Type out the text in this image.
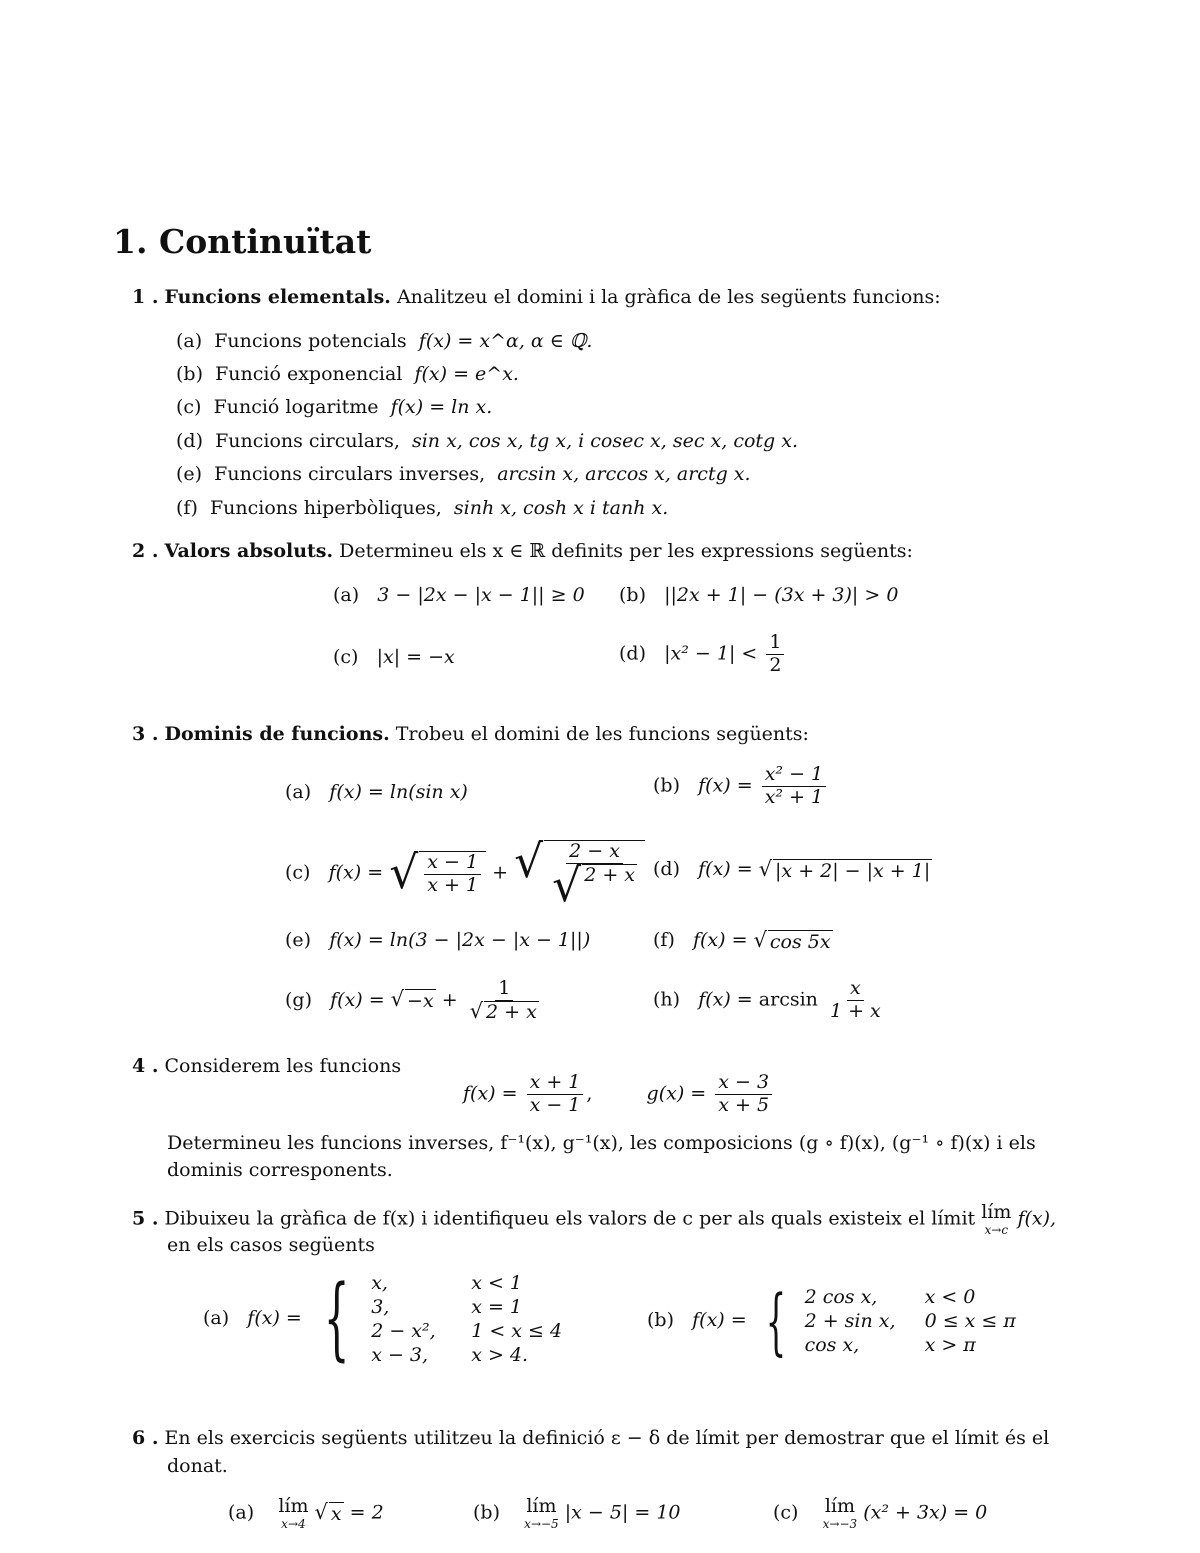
1. Continuïtat
1 . Funcions elementals. Analitzeu el domini i la gràfica de les següents funcions:
(a) Funcions potencials f(x) = x^α, α ∈ ℚ.
(b) Funció exponencial f(x) = e^x.
(c) Funció logaritme f(x) = ln x.
(d) Funcions circulars, sin x, cos x, tg x, i cosec x, sec x, cotg x.
(e) Funcions circulars inverses, arcsin x, arccos x, arctg x.
(f) Funcions hiperbòliques, sinh x, cosh x i tanh x.
2 . Valors absoluts. Determineu els x ∈ ℝ definits per les expressions següents:
(a) 3 − |2x − |x − 1|| ≥ 0 (b) ||2x + 1| − (3x + 3)| > 0
(c) |x| = −x	(d) $|x^2 - 1| < \frac{1}{2}$
3 . Dominis de funcions. Trobeu el domini de les funcions següents:
(a) f(x) = ln(sin x)	(b) $f(x) = \frac{\text{x² − 1}}{\text{x² + 1}}$
(c) f(x) = √ $\frac{x - 1}{x + 1}$ + √ $\frac{2 - x}{√ 2 + x} (d) f(x)$ = √ |x + 2| − |x + 1|
(e) f(x) = ln(3 − |2x − |x − 1||)	(f) f(x) = √ cos 5x
(g) f(x) = √ $-x + \frac{1}{√ 2 + x}$	(h) $f(x) = \arcsin \frac{x}{1 + x}$
4 . Considerem les funcions
$f(x) = \frac{x + 1}{x - 1}$ ,	$g(x) = \frac{x - 3}{x + 5}$
Determineu les funcions inverses, f⁻¹(x), g⁻¹(x), les composicions (g ∘ f)(x), (g⁻¹ ∘ f)(x) i els
dominis corresponents.
5 . Dibuixeu la gràfica de f(x) i identifiqueu els valors de c per als quals existeix el límit lím
x→c
f(x),
en els casos següents
(a) f(x) = { x,	x < 1
3,	x = 1
2 − x²,	1 < x ≤ 4
x − 3,	x > 4.
(b) f(x) = { 2 cos x,	x < 0
2 + sin x,	0 ≤ x ≤ π
cos x,	x > π
6 . En els exercicis següents utilitzeu la definició ε − δ de límit per demostrar que el límit és el
donat.
(a) lím
x→4
√ x = 2	(b) lím
x→−5
|x − 5| = 10	(c) lím
x→−3
(x² + 3x) = 0
